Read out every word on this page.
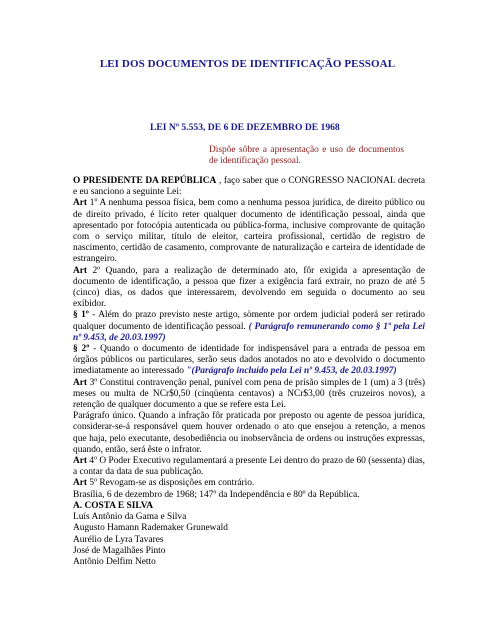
LEI DOS DOCUMENTOS DE IDENTIFICAÇÃO PESSOAL
LEI Nº 5.553, DE 6 DE DEZEMBRO DE 1968
Dispõe sôbre a apresentação e uso de documentos de identificação pessoal.

O PRESIDENTE DA REPÚBLICA , faço saber que o CONGRESSO NACIONAL decreta e eu sanciono a seguinte Lei:

Art 1º A nenhuma pessoa física, bem como a nenhuma pessoa jurídica, de direito público ou de direito privado, é lícito reter qualquer documento de identificação pessoal, ainda que apresentado por fotocópia autenticada ou pública-forma, inclusive comprovante de quitação com o serviço militar, título de eleitor, carteira profissional, certidão de registro de nascimento, certidão de casamento, comprovante de naturalização e carteira de identidade de estrangeiro.

Art 2º Quando, para a realização de determinado ato, fôr exigida a apresentação de documento de identificação, a pessoa que fizer a exigência fará extrair, no prazo de até 5 (cinco) dias, os dados que interessarem, devolvendo em seguida o documento ao seu exibidor.

§ 1º - Além do prazo previsto neste artigo, sòmente por ordem judicial poderá ser retirado qualquer documento de identificação pessoal. ( Parágrafo remunerando como § 1º pela Lei nº 9.453, de 20.03.1997)

§ 2º - Quando o documento de identidade for indispensável para a entrada de pessoa em órgãos públicos ou particulares, serão seus dados anotados no ato e devolvido o documento imediatamente ao interessado "(Parágrafo incluído pela Lei nº 9.453, de 20.03.1997)

Art 3º Constitui contravenção penal, punível com pena de prisão simples de 1 (um) a 3 (três) meses ou multa de NCr$0,50 (cinqüenta centavos) a NCr$3,00 (três cruzeiros novos), a retenção de qualquer documento a que se refere esta Lei.

Parágrafo único. Quando a infração fôr praticada por preposto ou agente de pessoa jurídica, considerar-se-á responsável quem houver ordenado o ato que ensejou a retenção, a menos que haja, pelo executante, desobediência ou inobservância de ordens ou instruções expressas, quando, então, será êste o infrator.

Art 4º O Poder Executivo regulamentará a presente Lei dentro do prazo de 60 (sessenta) dias, a contar da data de sua publicação.

Art 5º Revogam-se as disposições em contrário.

Brasília, 6 de dezembro de 1968; 147º da Independência e 80º da República.

A. COSTA E SILVA

Luís Antônio da Gama e Silva

Augusto Hamann Rademaker Grunewald

Aurélio de Lyra Tavares

José de Magalhães Pinto

Antônio Delfim Netto
